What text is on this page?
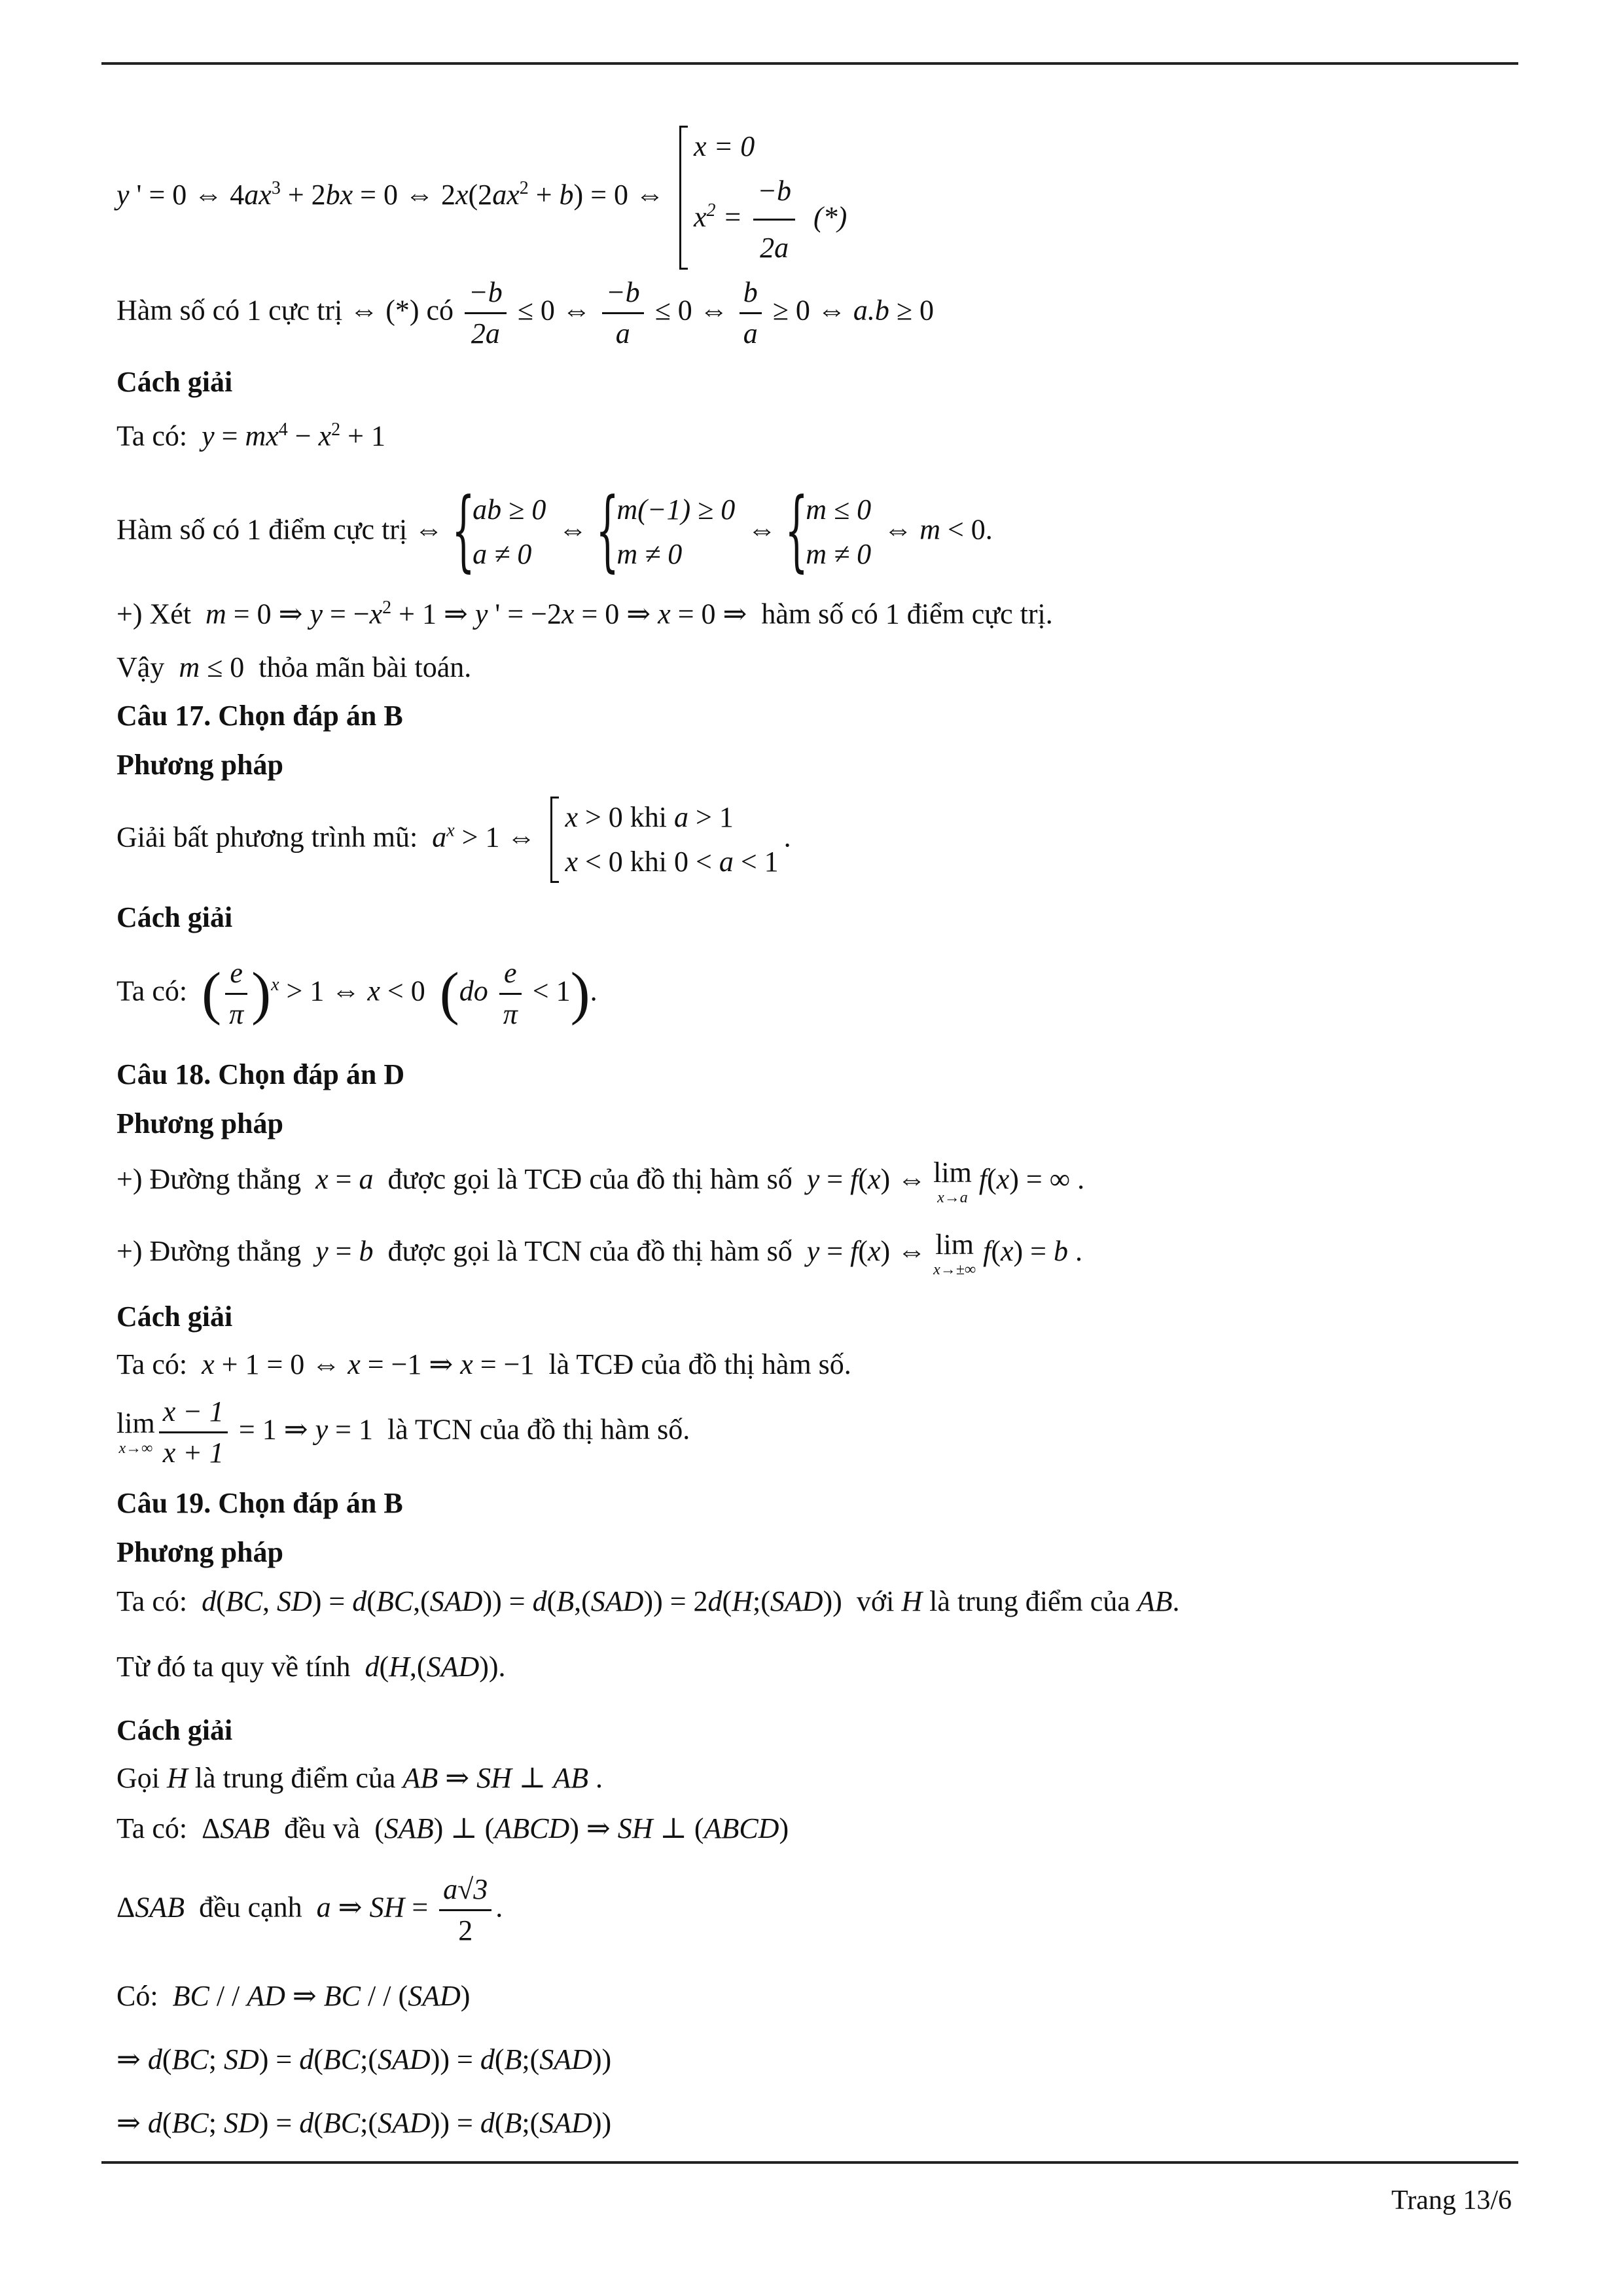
y ' = 0 ⇔ $4ax^3 + 2bx = 0$ ⇔ $2x(2ax^2 + b) = 0$ ⇔
x = 0
$x^2 = \frac{-b}{2a}$ (*)
Hàm số có 1 cực trị ⇔ (*) có $\frac{-b}{2a} \le 0$ ⇔ $\frac{-b}{a} \le 0$ ⇔ $\frac{b}{a} \ge 0$ ⇔ a.b ≥ 0
Cách giải
Ta có:  $y = mx^4 - x^2 + 1$
Hàm số có 1 điểm cực trị ⇔
{ ab ≥ 0
a ≠ 0
⇔
{ m(−1) ≥ 0
m ≠ 0
⇔
{ m ≤ 0
m ≠ 0
⇔ m < 0.
+) Xét  m = 0 ⇒ $y = -x^2 + 1$ ⇒ y ' = −2x = 0 ⇒ x = 0 ⇒  hàm số có 1 điểm cực trị.
Vậy  m ≤ 0  thỏa mãn bài toán.
Câu 17. Chọn đáp án B
Phương pháp
Giải bất phương trình mũ:  $a^x > 1$ ⇔
x > 0 khi a > 1
x < 0 khi 0 < a < 1
.
Cách giải
Ta có:  ( $\frac{e}{\pi} )^x > 1$ ⇔ x < 0  $(do \frac{e}{\pi} < 1)$.
Câu 18. Chọn đáp án D
Phương pháp
+) Đường thẳng  x = a  được gọi là TCĐ của đồ thị hàm số  y = f(x) ⇔ lim
x→a
f(x) = ∞ .
+) Đường thẳng  y = b  được gọi là TCN của đồ thị hàm số  y = f(x) ⇔ lim
x→±∞
f(x) = b .
Cách giải
Ta có:  x + 1 = 0 ⇔ x = −1 ⇒ x = −1  là TCĐ của đồ thị hàm số.
lim
$x\to\infty \frac{x - 1}{x + 1} = 1$ ⇒ y = 1  là TCN của đồ thị hàm số.
Câu 19. Chọn đáp án B
Phương pháp
Ta có:  d(BC, SD) = d(BC,(SAD)) = d(B,(SAD)) = 2d(H;(SAD))  với H là trung điểm của AB.
Từ đó ta quy về tính  d(H,(SAD)).
Cách giải
Gọi H là trung điểm của AB ⇒ SH ⊥ AB .
Ta có:  ΔSAB  đều và  (SAB) ⊥ (ABCD) ⇒ SH ⊥ (ABCD)
ΔSAB  đều cạnh  a ⇒ SH = $\frac{a√3}{2}$ .
Có:  BC / / AD ⇒ BC / / (SAD)
⇒ d(BC; SD) = d(BC;(SAD)) = d(B;(SAD))
⇒ d(BC; SD) = d(BC;(SAD)) = d(B;(SAD))
Trang 13/6
